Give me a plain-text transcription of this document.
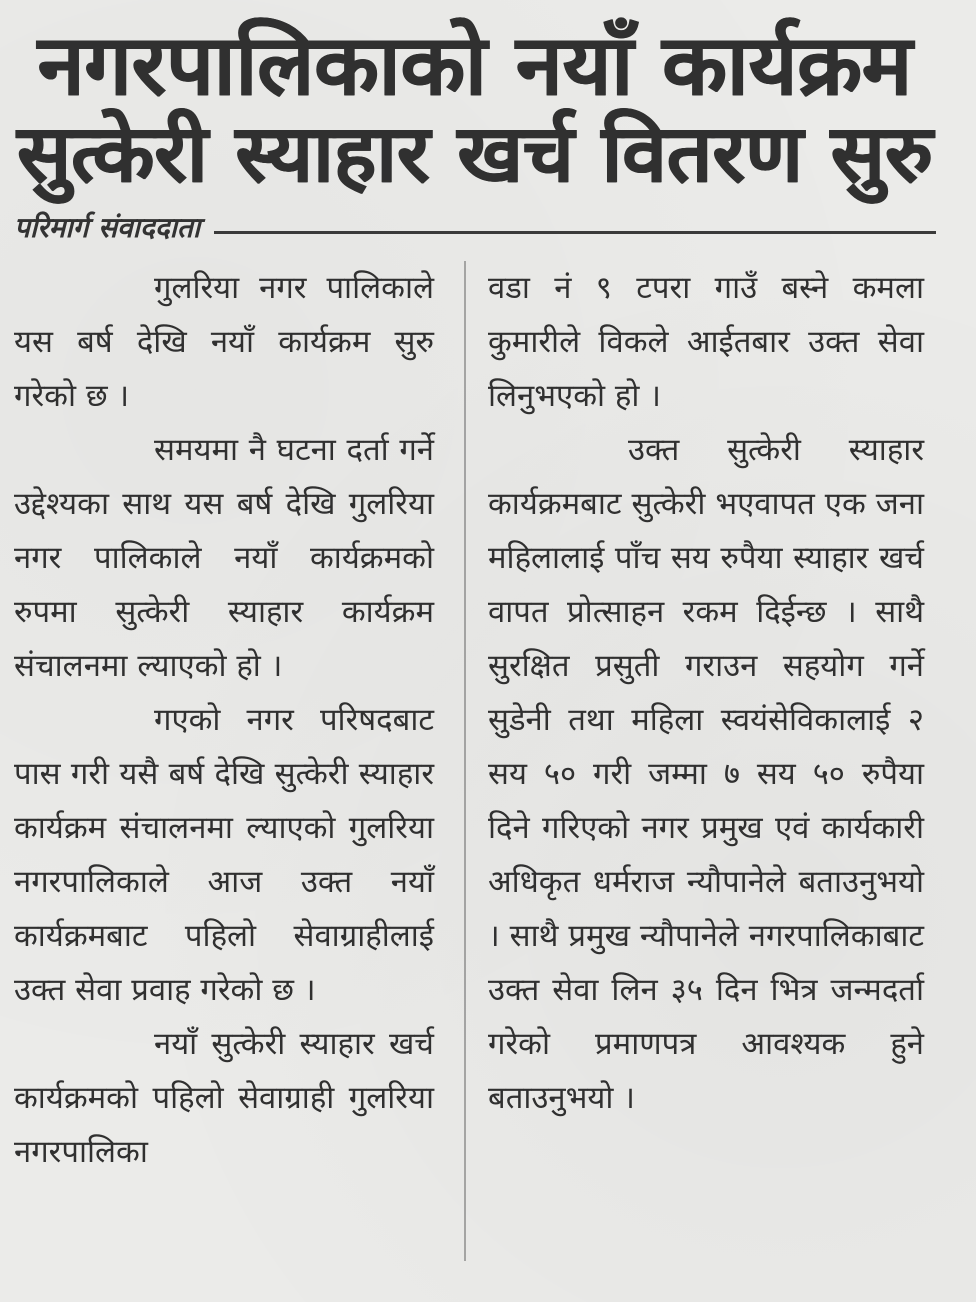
नगरपालिकाको नयाँ कार्यक्रम
सुत्केरी स्याहार खर्च वितरण सुरु
परिमार्ग संवाददाता

गुलरिया नगर पालिकाले यस बर्ष देखि नयाँ कार्यक्रम सुरु गरेको छ ।

समयमा नै घटना दर्ता गर्ने उद्देश्यका साथ यस बर्ष देखि गुलरिया नगर पालिकाले नयाँ कार्यक्रमको रुपमा सुत्केरी स्याहार कार्यक्रम संचालनमा ल्याएको हो ।

गएको नगर परिषदबाट पास गरी यसै बर्ष देखि सुत्केरी स्याहार कार्यक्रम संचालनमा ल्याएको गुलरिया नगरपालिकाले आज उक्त नयाँ कार्यक्रमबाट पहिलो सेवाग्राहीलाई उक्त सेवा प्रवाह गरेको छ ।

नयाँ सुत्केरी स्याहार खर्च कार्यक्रमको पहिलो सेवाग्राही गुलरिया नगरपालिका

वडा नं ९ टपरा गाउँ बस्ने कमला कुमारीले विकले आईतबार उक्त सेवा लिनुभएको हो ।

उक्त सुत्केरी स्याहार कार्यक्रमबाट सुत्केरी भएवापत एक जना महिलालाई पाँच सय रुपैया स्याहार खर्च वापत प्रोत्साहन रकम दिईन्छ । साथै सुरक्षित प्रसुती गराउन सहयोग गर्ने सुडेनी तथा महिला स्वयंसेविकालाई २ सय ५० गरी जम्मा ७ सय ५० रुपैया दिने गरिएको नगर प्रमुख एवं कार्यकारी अधिकृत धर्मराज न्यौपानेले बताउनुभयो । साथै प्रमुख न्यौपानेले नगरपालिकाबाट उक्त सेवा लिन ३५ दिन भित्र जन्मदर्ता गरेको प्रमाणपत्र आवश्यक हुने बताउनुभयो ।
